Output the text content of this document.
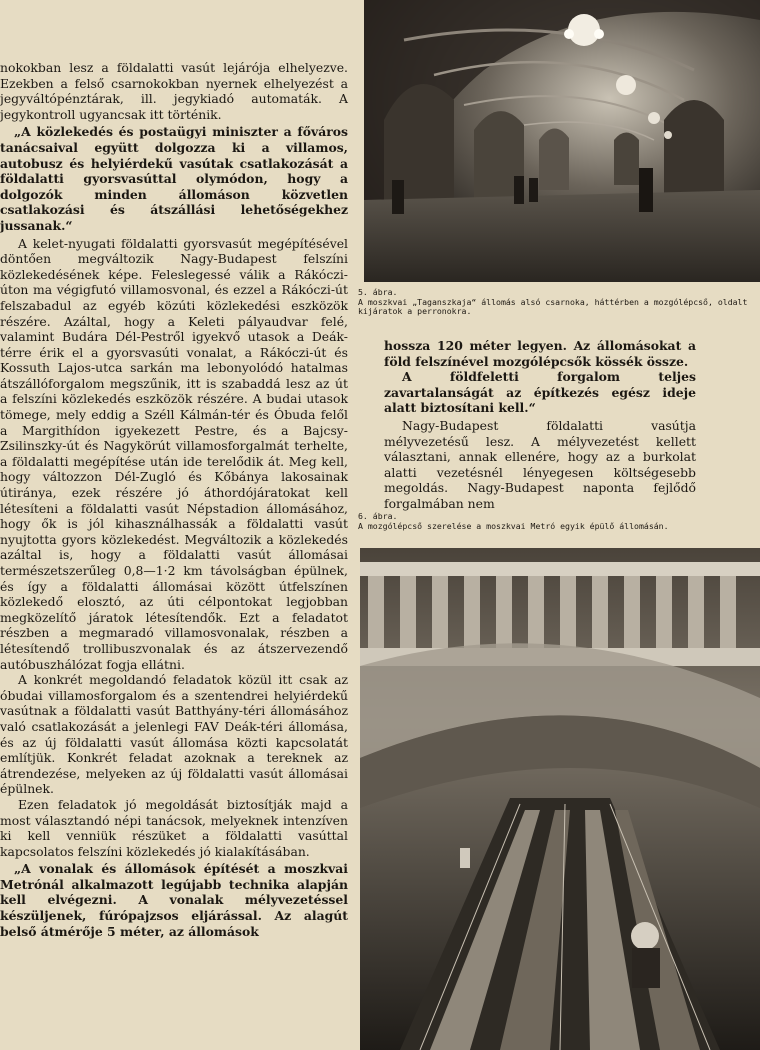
nokokban lesz a földalatti vasút lejárója elhelyezve. Ezekben a felső csarnokokban nyernek elhelyezést a jegyváltópénztárak, ill. jegykiadó automaták. A jegykontroll ugyancsak itt történik.

„A közlekedés és postaügyi miniszter a főváros tanácsaival együtt dolgozza ki a villamos, autobusz és helyiérdekű vasútak csatlakozását a földalatti gyorsvasúttal olymódon, hogy a dolgozók minden állomáson közvetlen csatlakozási és átszállási lehetőségekhez jussanak.“

A kelet-nyugati földalatti gyorsvasút megépítésével döntően megváltozik Nagy-Budapest felszíni közlekedésének képe. Feleslegessé válik a Rákóczi-úton ma végigfutó villamosvonal, és ezzel a Rákóczi-út felszabadul az egyéb közúti közlekedési eszközök részére. Azáltal, hogy a Keleti pályaudvar felé, valamint Budára Dél-Pestről igyekvő utasok a Deák-térre érik el a gyorsvasúti vonalat, a Rákóczi-út és Kossuth Lajos-utca sarkán ma lebonyolódó hatalmas átszállóforgalom megszűnik, itt is szabaddá lesz az út a felszíni közlekedés eszközök részére. A budai utasok tömege, mely eddig a Széll Kálmán-tér és Óbuda felől a Margithídon igyekezett Pestre, és a Bajcsy-Zsilinszky-út és Nagykörút villamosforgalmát terhelte, a földalatti megépítése után ide terelődik át. Meg kell, hogy változzon Dél-Zugló és Kőbánya lakosainak útiránya, ezek részére jó áthordójáratokat kell létesíteni a földalatti vasút Népstadion állomásához, hogy ők is jól kihasználhassák a földalatti vasút nyujtotta gyors közlekedést. Megváltozik a közlekedés azáltal is, hogy a földalatti vasút állomásai természetszerűleg 0,8—1·2 km távolságban épülnek, és így a földalatti állomásai között útfelszínen közlekedő elosztó, az úti célpontokat legjobban megközelítő járatok létesítendők. Ezt a feladatot részben a megmaradó villamosvonalak, részben a létesítendő trollibuszvonalak és az átszervezendő autóbuszhálózat fogja ellátni.

A konkrét megoldandó feladatok közül itt csak az óbudai villamosforgalom és a szentendrei helyiérdekű vasútnak a földalatti vasút Batthyány-téri állomásához való csatlakozását a jelenlegi FAV Deák-téri állomása, és az új földalatti vasút állomása közti kapcsolatát említjük. Konkrét feladat azoknak a tereknek az átrendezése, melyeken az új földalatti vasút állomásai épülnek.

Ezen feladatok jó megoldását biztosítják majd a most választandó népi tanácsok, melyeknek intenzíven ki kell venniük részüket a földalatti vasúttal kapcsolatos felszíni közlekedés jó kialakításában.

„A vonalak és állomások építését a moszkvai Metrónál alkalmazott legújabb technika alapján kell elvégezni. A vonalak mélyvezetéssel készüljenek, fúrópajzsos eljárással. Az alagút belső átmérője 5 méter, az állomások

5. ábra.
A moszkvai „Taganszkaja“ állomás alsó csarnoka, háttérben a mozgólépcső, oldalt kijáratok a perronokra.

hossza 120 méter legyen. Az állomásokat a föld felszínével mozgólépcsők kössék össze.

A földfeletti forgalom teljes zavartalanságát az építkezés egész ideje alatt biztosítani kell.“

Nagy-Budapest földalatti vasútja mélyvezetésű lesz. A mélyvezetést kellett választani, annak ellenére, hogy az a burkolat alatti vezetésnél lényegesen költségesebb megoldás. Nagy-Budapest naponta fejlődő forgalmában nem

6. ábra.
A mozgólépcső szerelése a moszkvai Metró egyik épülő állomásán.
